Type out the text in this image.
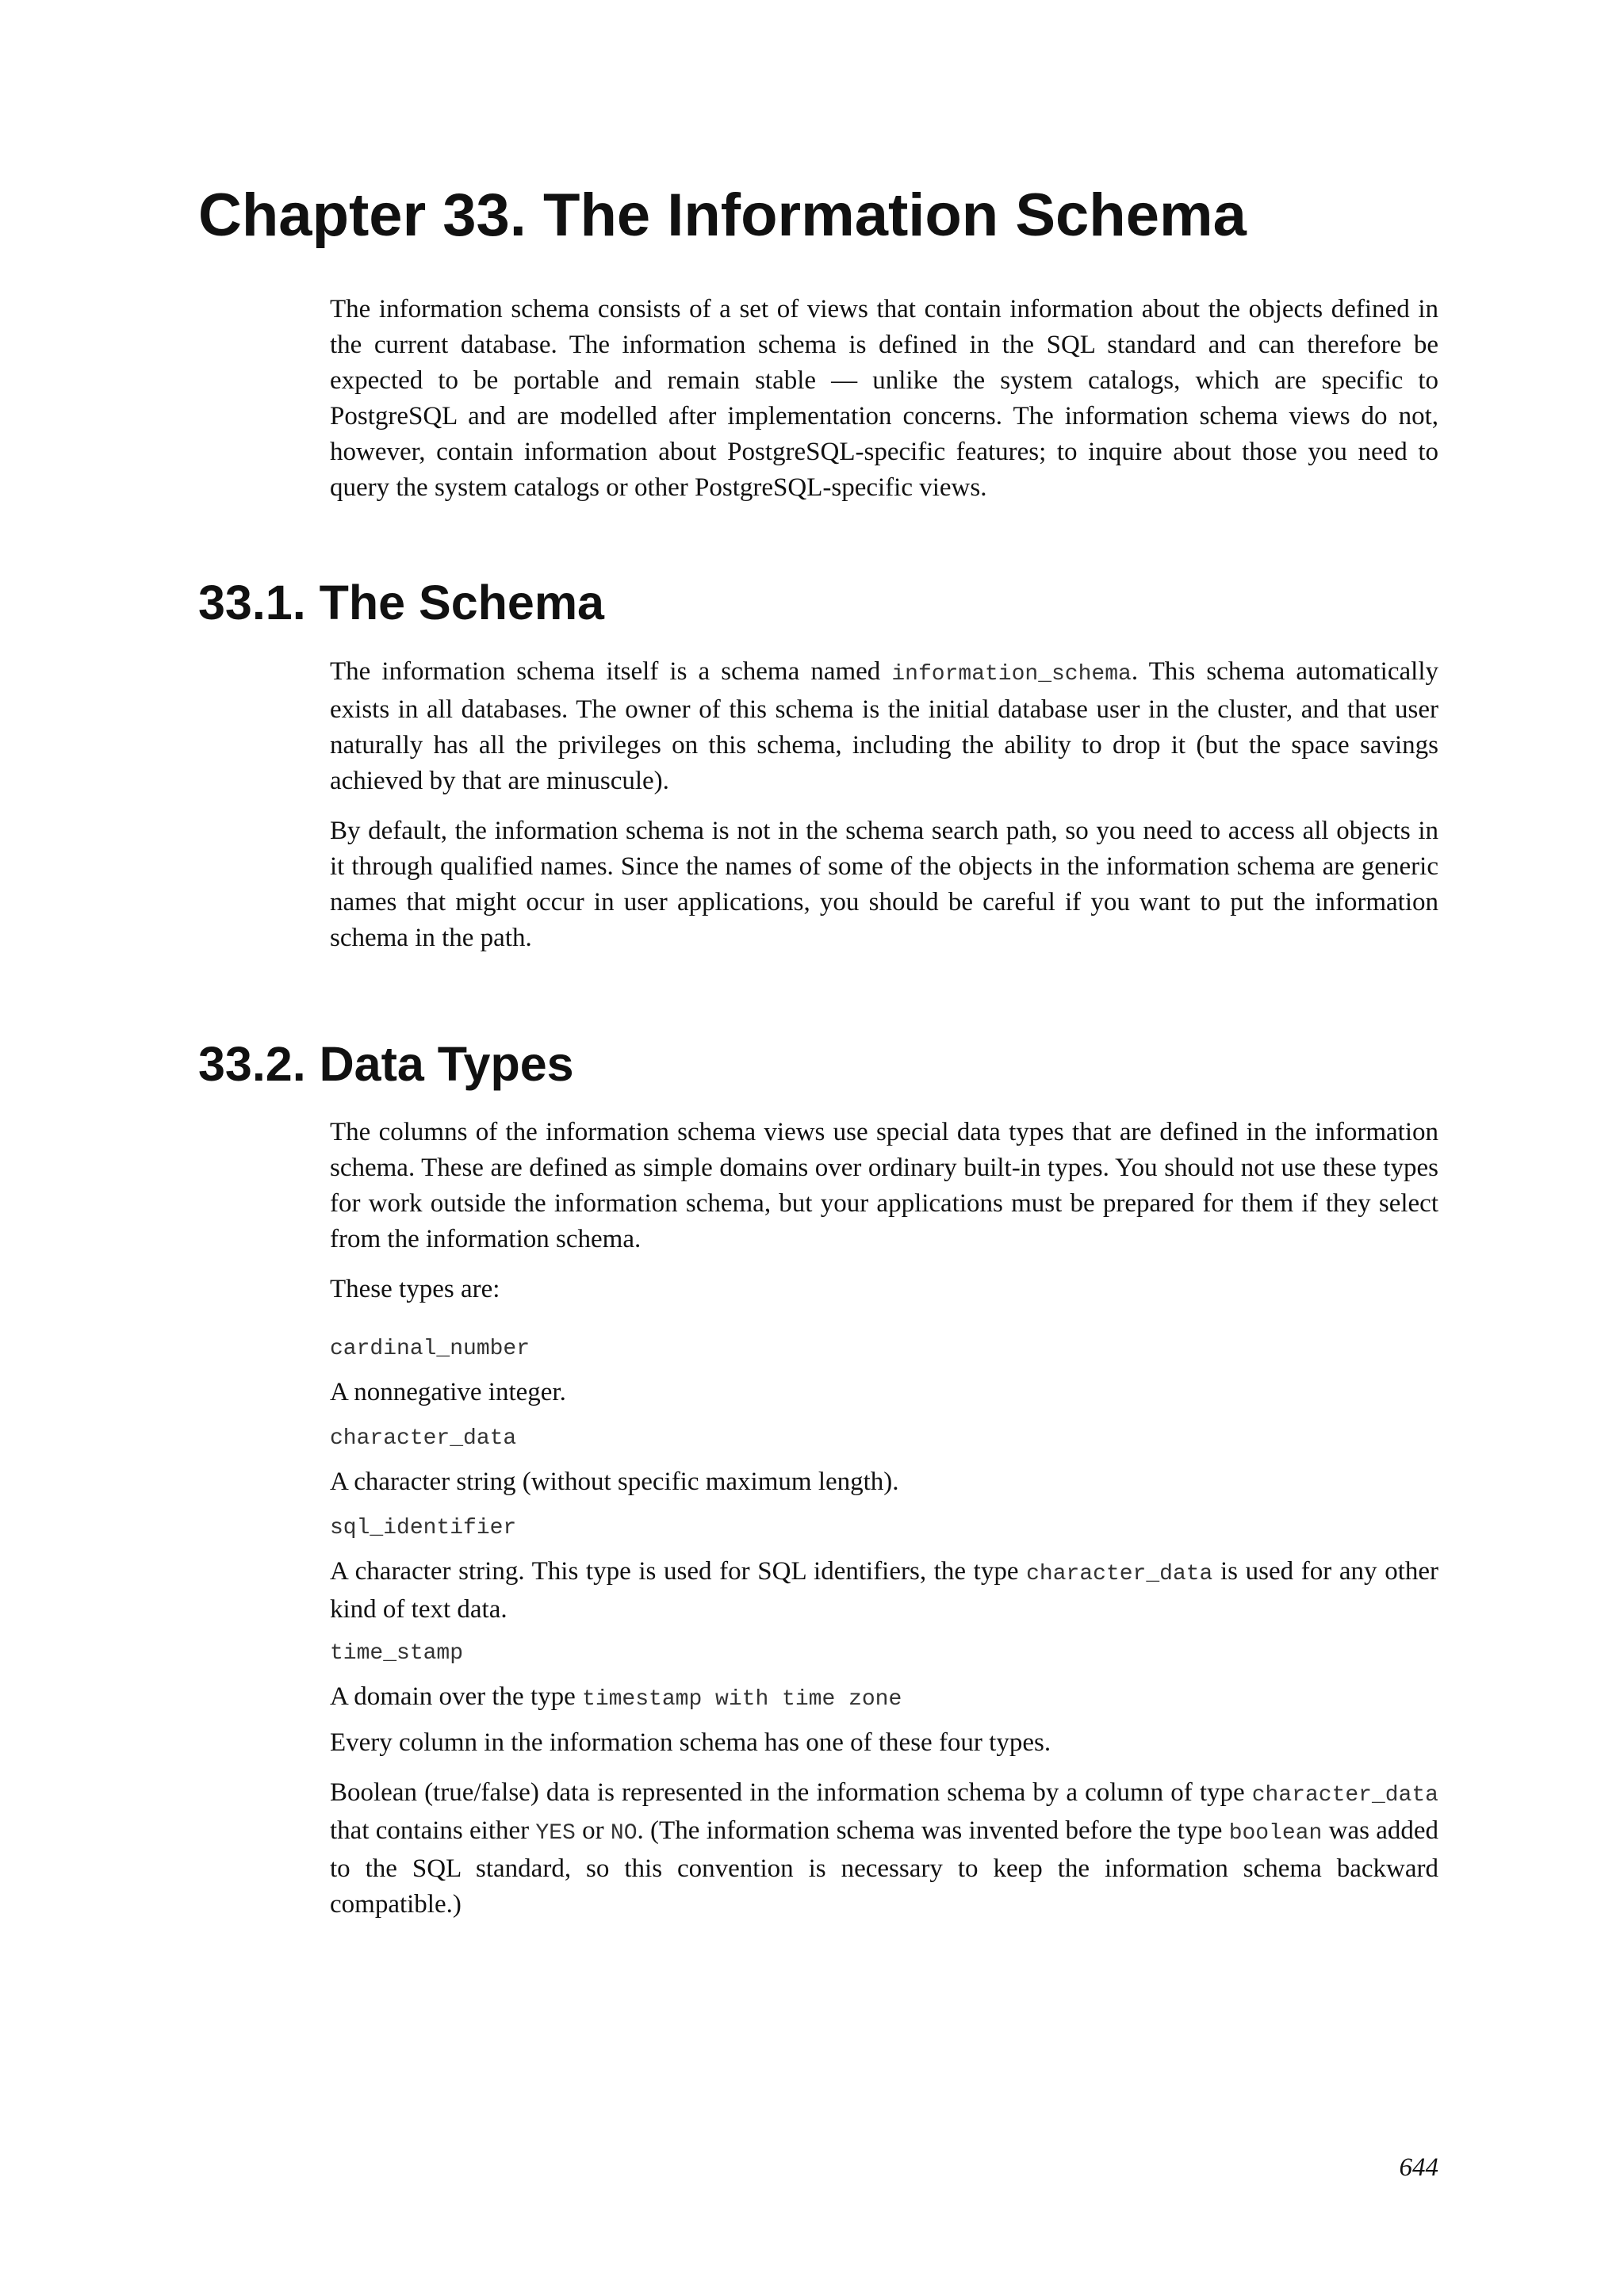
Chapter 33. The Information Schema

The information schema consists of a set of views that contain information about the objects defined in the current database. The information schema is defined in the SQL standard and can therefore be expected to be portable and remain stable — unlike the system catalogs, which are specific to PostgreSQL and are modelled after implementation concerns. The information schema views do not, however, contain information about PostgreSQL-specific features; to inquire about those you need to query the system catalogs or other PostgreSQL-specific views.

33.1. The Schema

The information schema itself is a schema named information_schema. This schema automatically exists in all databases. The owner of this schema is the initial database user in the cluster, and that user naturally has all the privileges on this schema, including the ability to drop it (but the space savings achieved by that are minuscule).

By default, the information schema is not in the schema search path, so you need to access all objects in it through qualified names. Since the names of some of the objects in the information schema are generic names that might occur in user applications, you should be careful if you want to put the information schema in the path.

33.2. Data Types

The columns of the information schema views use special data types that are defined in the information schema. These are defined as simple domains over ordinary built-in types. You should not use these types for work outside the information schema, but your applications must be prepared for them if they select from the information schema.

These types are:

cardinal_number

A nonnegative integer.

character_data

A character string (without specific maximum length).

sql_identifier

A character string. This type is used for SQL identifiers, the type character_data is used for any other kind of text data.

time_stamp

A domain over the type timestamp with time zone

Every column in the information schema has one of these four types.

Boolean (true/false) data is represented in the information schema by a column of type character_data that contains either YES or NO. (The information schema was invented before the type boolean was added to the SQL standard, so this convention is necessary to keep the information schema backward compatible.)

644
